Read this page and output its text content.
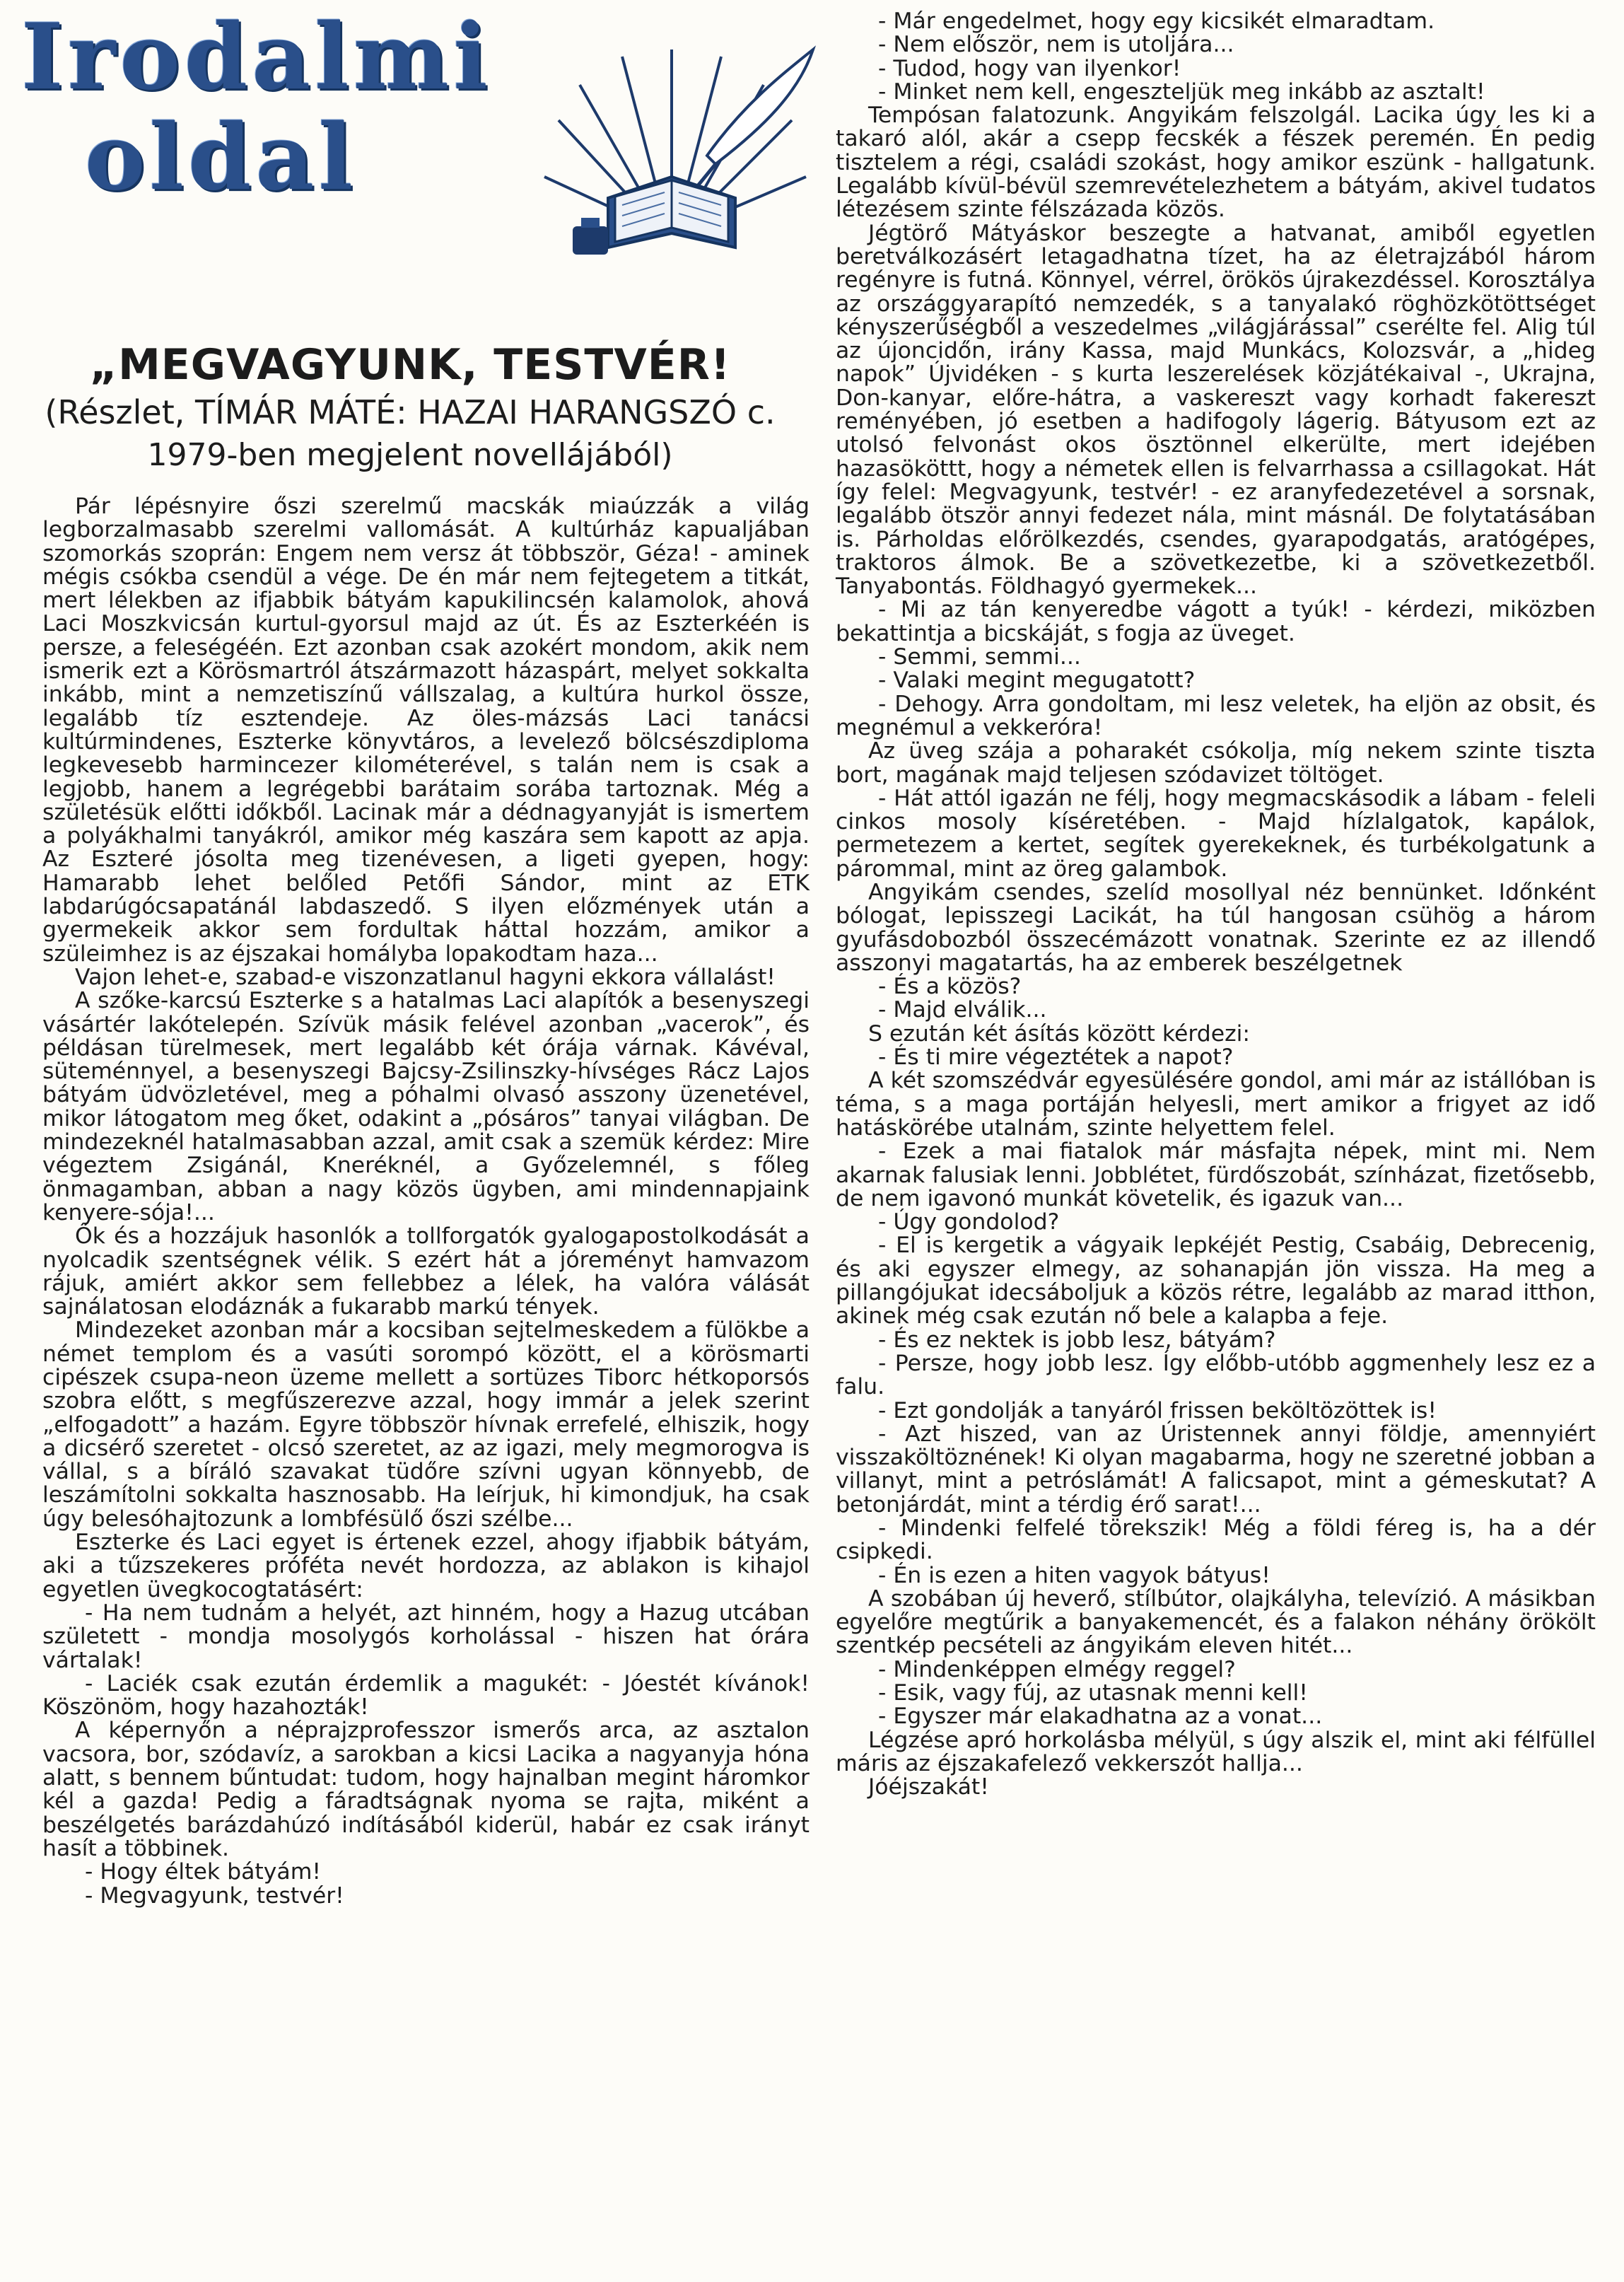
Irodalmi
oldal
„MEGVAGYUNK, TESTVÉR!
(Részlet, TÍMÁR MÁTÉ: HAZAI HARANGSZÓ c.
1979-ben megjelent novellájából)

Pár lépésnyire őszi szerelmű macskák miaúzzák a világ legborzalmasabb szerelmi vallomását. A kultúrház kapualjában szomorkás szoprán: Engem nem versz át többször, Géza! - aminek mégis csókba csendül a vége. De én már nem fejtegetem a titkát, mert lélekben az ifjabbik bátyám kapukilincsén kalamolok, ahová Laci Moszkvicsán kurtul-gyorsul majd az út. És az Eszterkéén is persze, a feleségéén. Ezt azonban csak azokért mondom, akik nem ismerik ezt a Körösmartról átszármazott házaspárt, melyet sokkalta inkább, mint a nemzetiszínű vállszalag, a kultúra hurkol össze, legalább tíz esztendeje. Az öles-mázsás Laci tanácsi kultúrmindenes, Eszterke könyvtáros, a levelező bölcsészdiploma legkevesebb harmincezer kilométerével, s talán nem is csak a legjobb, hanem a legrégebbi barátaim sorába tartoznak. Még a születésük előtti időkből. Lacinak már a dédnagyanyját is ismertem a polyákhalmi tanyákról, amikor még kaszára sem kapott az apja. Az Eszteré jósolta meg tizenévesen, a ligeti gyepen, hogy: Hamarabb lehet belőled Petőfi Sándor, mint az ETK labdarúgócsapatánál labdaszedő. S ilyen előzmények után a gyermekeik akkor sem fordultak háttal hozzám, amikor a szüleimhez is az éjszakai homályba lopakodtam haza...

Vajon lehet-e, szabad-e viszonzatlanul hagyni ekkora vállalást!

A szőke-karcsú Eszterke s a hatalmas Laci alapítók a besenyszegi vásártér lakótelepén. Szívük másik felével azonban „vacerok”, és példásan türelmesek, mert legalább két órája várnak. Kávéval, süteménnyel, a besenyszegi Bajcsy-Zsilinszky-hívséges Rácz Lajos bátyám üdvözletével, meg a póhalmi olvasó asszony üzenetével, mikor látogatom meg őket, odakint a „pósáros” tanyai világban. De mindezeknél hatalmasabban azzal, amit csak a szemük kérdez: Mire végeztem Zsigánál, Kneréknél, a Győzelemnél, s főleg önmagamban, abban a nagy közös ügyben, ami mindennapjaink kenyere-sója!...

Ők és a hozzájuk hasonlók a tollforgatók gyalogapostolkodását a nyolcadik szentségnek vélik. S ezért hát a jóreményt hamvazom rájuk, amiért akkor sem fellebbez a lélek, ha valóra válását sajnálatosan elodáznák a fukarabb markú tények.

Mindezeket azonban már a kocsiban sejtelmeskedem a fülökbe a német templom és a vasúti sorompó között, el a körösmarti cipészek csupa-neon üzeme mellett a sortüzes Tiborc hétkoporsós szobra előtt, s megfűszerezve azzal, hogy immár a jelek szerint „elfogadott” a hazám. Egyre többször hívnak errefelé, elhiszik, hogy a dicsérő szeretet - olcsó szeretet, az az igazi, mely megmorogva is vállal, s a bíráló szavakat tüdőre szívni ugyan könnyebb, de leszámítolni sokkalta hasznosabb. Ha leírjuk, hi kimondjuk, ha csak úgy belesóhajtozunk a lombfésülő őszi szélbe...

Eszterke és Laci egyet is értenek ezzel, ahogy ifjabbik bátyám, aki a tűzszekeres próféta nevét hordozza, az ablakon is kihajol egyetlen üvegkocogtatásért:

- Ha nem tudnám a helyét, azt hinném, hogy a Hazug utcában született - mondja mosolygós korholással - hiszen hat órára vártalak!

- Laciék csak ezután érdemlik a magukét: - Jóestét kívánok! Köszönöm, hogy hazahozták!

A képernyőn a néprajzprofesszor ismerős arca, az asztalon vacsora, bor, szódavíz, a sarokban a kicsi Lacika a nagyanyja hóna alatt, s bennem bűntudat: tudom, hogy hajnalban megint háromkor kél a gazda! Pedig a fáradtságnak nyoma se rajta, miként a beszélgetés barázdahúzó indításából kiderül, habár ez csak irányt hasít a többinek.

- Hogy éltek bátyám!

- Megvagyunk, testvér!

- Már engedelmet, hogy egy kicsikét elmaradtam.

- Nem először, nem is utoljára...

- Tudod, hogy van ilyenkor!

- Minket nem kell, engeszteljük meg inkább az asztalt!

Tempósan falatozunk. Angyikám felszolgál. Lacika úgy les ki a takaró alól, akár a csepp fecskék a fészek peremén. Én pedig tisztelem a régi, családi szokást, hogy amikor eszünk - hallgatunk. Legalább kívül-bévül szemrevételezhetem a bátyám, akivel tudatos létezésem szinte félszázada közös.

Jégtörő Mátyáskor beszegte a hatvanat, amiből egyetlen beretválkozásért letagadhatna tízet, ha az életrajzából három regényre is futná. Könnyel, vérrel, örökös újrakezdéssel. Korosztálya az országgyarapító nemzedék, s a tanyalakó röghözkötöttséget kényszerűségből a veszedelmes „világjárással” cserélte fel. Alig túl az újoncidőn, irány Kassa, majd Munkács, Kolozsvár, a „hideg napok” Újvidéken - s kurta leszerelések közjátékaival -, Ukrajna, Don-kanyar, előre-hátra, a vaskereszt vagy korhadt fakereszt reményében, jó esetben a hadifogoly lágerig. Bátyusom ezt az utolsó felvonást okos ösztönnel elkerülte, mert idejében hazasököttt, hogy a németek ellen is felvarrhassa a csillagokat. Hát így felel: Megvagyunk, testvér! - ez aranyfedezetével a sorsnak, legalább ötször annyi fedezet nála, mint másnál. De folytatásában is. Párholdas előrölkezdés, csendes, gyarapodgatás, aratógépes, traktoros álmok. Be a szövetkezetbe, ki a szövetkezetből. Tanyabontás. Földhagyó gyermekek...

- Mi az tán kenyeredbe vágott a tyúk! - kérdezi, miközben bekattintja a bicskáját, s fogja az üveget.

- Semmi, semmi...

- Valaki megint megugatott?

- Dehogy. Arra gondoltam, mi lesz veletek, ha eljön az obsit, és megnémul a vekkeróra!

Az üveg szája a poharakét csókolja, míg nekem szinte tiszta bort, magának majd teljesen szódavizet töltöget.

- Hát attól igazán ne félj, hogy megmacskásodik a lábam - feleli cinkos mosoly kíséretében. - Majd hízlalgatok, kapálok, permetezem a kertet, segítek gyerekeknek, és turbékolgatunk a párommal, mint az öreg galambok.

Angyikám csendes, szelíd mosollyal néz bennünket. Időnként bólogat, lepisszegi Lacikát, ha túl hangosan csühög a három gyufásdobozból összecémázott vonatnak. Szerinte ez az illendő asszonyi magatartás, ha az emberek beszélgetnek

- És a közös?

- Majd elválik...

S ezután két ásítás között kérdezi:

- És ti mire végeztétek a napot?

A két szomszédvár egyesülésére gondol, ami már az istállóban is téma, s a maga portáján helyesli, mert amikor a frigyet az idő hatáskörébe utalnám, szinte helyettem felel.

- Ezek a mai fiatalok már másfajta népek, mint mi. Nem akarnak falusiak lenni. Jobblétet, fürdőszobát, színházat, fizetősebb, de nem igavonó munkát követelik, és igazuk van...

- Úgy gondolod?

- El is kergetik a vágyaik lepkéjét Pestig, Csabáig, Debrecenig, és aki egyszer elmegy, az sohanapján jön vissza. Ha meg a pillangójukat idecsáboljuk a közös rétre, legalább az marad itthon, akinek még csak ezután nő bele a kalapba a feje.

- És ez nektek is jobb lesz, bátyám?

- Persze, hogy jobb lesz. Így előbb-utóbb aggmenhely lesz ez a falu.

- Ezt gondolják a tanyáról frissen beköltözöttek is!

- Azt hiszed, van az Úristennek annyi földje, amennyiért visszaköltöznének! Ki olyan magabarma, hogy ne szeretné jobban a villanyt, mint a petróslámát! A falicsapot, mint a gémeskutat? A betonjárdát, mint a térdig érő sarat!...

- Mindenki felfelé törekszik! Még a földi féreg is, ha a dér csipkedi.

- Én is ezen a hiten vagyok bátyus!

A szobában új heverő, stílbútor, olajkályha, televízió. A másikban egyelőre megtűrik a banyakemencét, és a falakon néhány örökölt szentkép pecsételi az ángyikám eleven hitét...

- Mindenképpen elmégy reggel?

- Esik, vagy fúj, az utasnak menni kell!

- Egyszer már elakadhatna az a vonat...

Légzése apró horkolásba mélyül, s úgy alszik el, mint aki félfüllel máris az éjszakafelező vekkerszót hallja...

Jóéjszakát!
